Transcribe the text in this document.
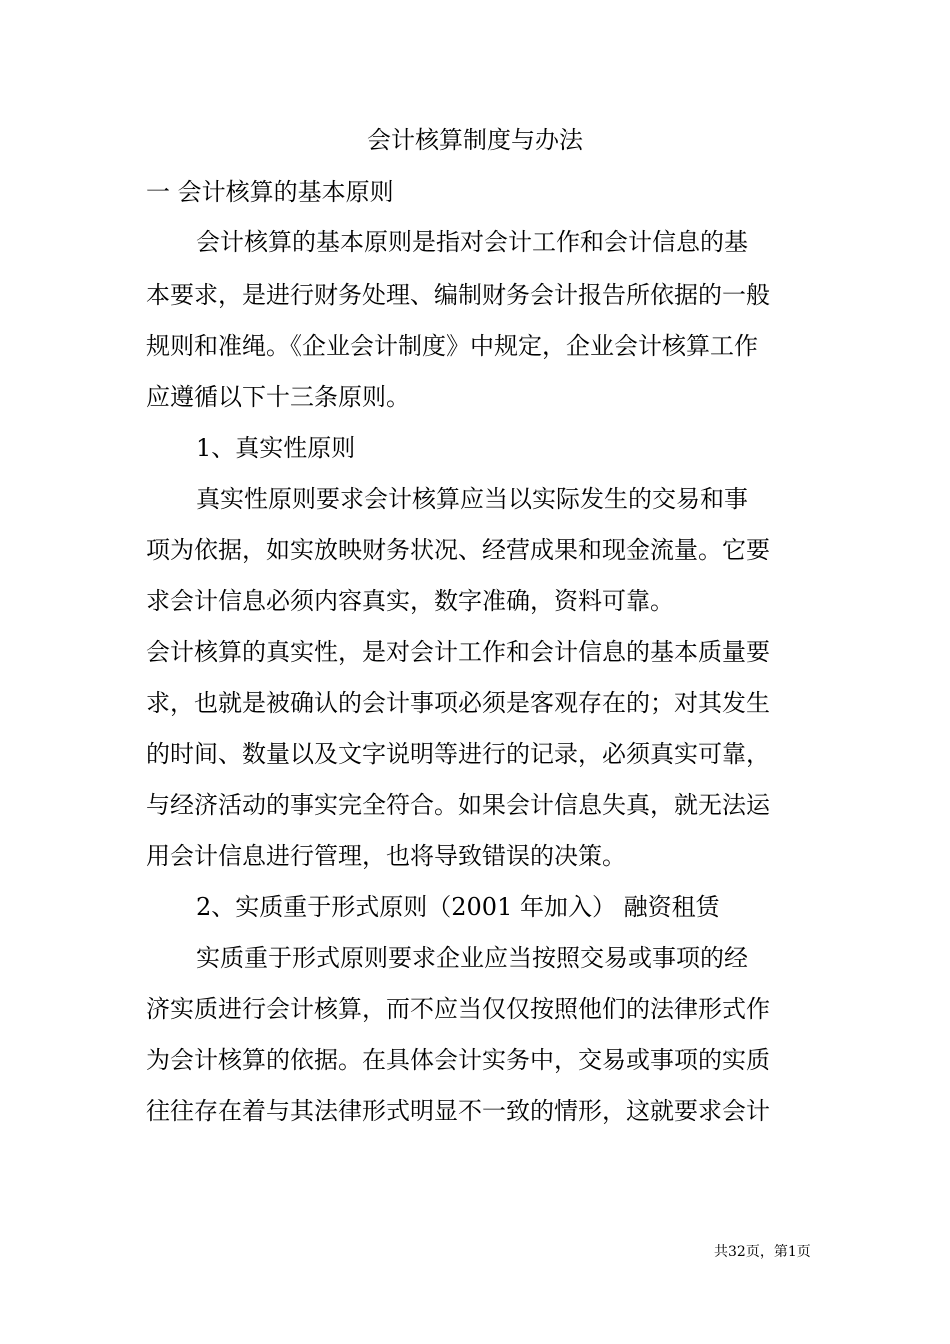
会计核算制度与办法
一 会计核算的基本原则
会计核算的基本原则是指对会计工作和会计信息的基
本要求，是进行财务处理、编制财务会计报告所依据的一般
规则和准绳。《企业会计制度》中规定，企业会计核算工作
应遵循以下十三条原则。
1、真实性原则
真实性原则要求会计核算应当以实际发生的交易和事
项为依据，如实放映财务状况、经营成果和现金流量。它要
求会计信息必须内容真实，数字准确，资料可靠。
会计核算的真实性，是对会计工作和会计信息的基本质量要
求，也就是被确认的会计事项必须是客观存在的；对其发生
的时间、数量以及文字说明等进行的记录，必须真实可靠，
与经济活动的事实完全符合。如果会计信息失真，就无法运
用会计信息进行管理，也将导致错误的决策。
2、实质重于形式原则（2001 年加入） 融资租赁
实质重于形式原则要求企业应当按照交易或事项的经
济实质进行会计核算，而不应当仅仅按照他们的法律形式作
为会计核算的依据。在具体会计实务中，交易或事项的实质
往往存在着与其法律形式明显不一致的情形，这就要求会计
共32页，第1页
